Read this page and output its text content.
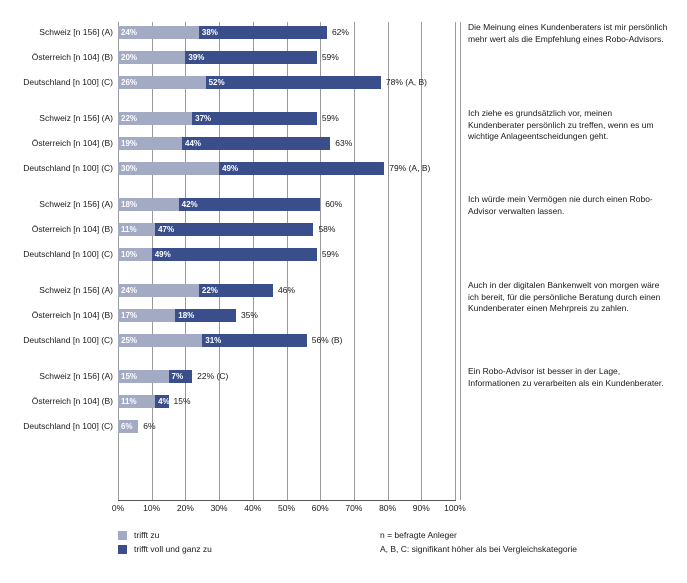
0%	10%	20%	30%	40%	50%	60%	70%	80%	90%	100%
Schweiz [n 156] (A) 24%	38%	62%
Österreich [n 104] (B) 20%	39%	59%
Deutschland [n 100] (C) 26%	52%	78% (A, B)
Schweiz [n 156] (A) 22%	37%	59%
Österreich [n 104] (B) 19%	44%	63%
Deutschland [n 100] (C) 30%	49%	79% (A, B)
Schweiz [n 156] (A) 18%	42%	60%
Österreich [n 104] (B) 11%	47%	58%
Deutschland [n 100] (C) 10% 49%	59%
Schweiz [n 156] (A) 24%	22%	46%
Österreich [n 104] (B) 17%	18%	35%
Deutschland [n 100] (C) 25%	31%	56% (B)
Schweiz [n 156] (A) 15%	7% 22% (C)
Österreich [n 104] (B) 11%	4% 15%
Deutschland [n 100] (C) 6% 6%
Die Meinung eines Kundenberaters ist mir persönlich mehr wert als die Empfehlung eines Robo-Advisors.
Ich ziehe es grundsätzlich vor, meinen Kundenberater persönlich zu treffen, wenn es um wichtige Anlageentscheidungen geht.
Ich würde mein Vermögen nie durch einen Robo-Advisor verwalten lassen.
Auch in der digitalen Bankenwelt von morgen wäre ich bereit, für die persönliche Beratung durch einen Kundenberater einen Mehrpreis zu zahlen.
Ein Robo-Advisor ist besser in der Lage, Informationen zu verarbeiten als ein Kundenberater.
trifft zu	n = befragte Anleger
trifft voll und ganz zu	A, B, C: signifikant höher als bei Vergleichskategorie
